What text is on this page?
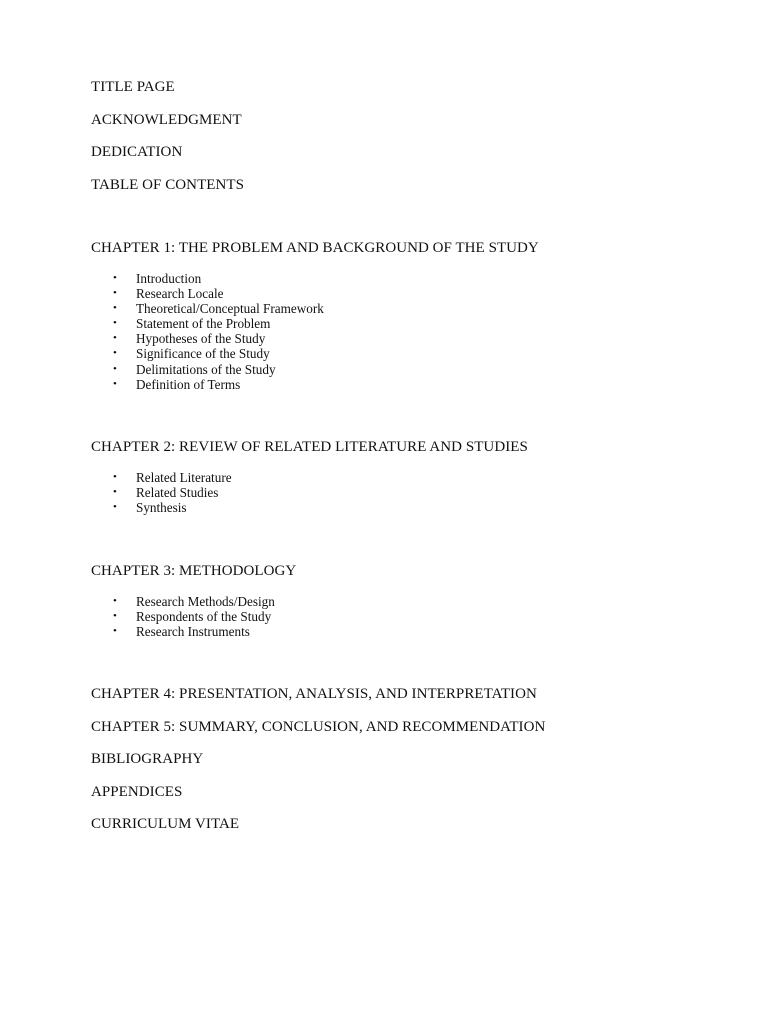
TITLE PAGE
ACKNOWLEDGMENT
DEDICATION
TABLE OF CONTENTS
CHAPTER 1: THE PROBLEM AND BACKGROUND OF THE STUDY
• Introduction
• Research Locale
• Theoretical/Conceptual Framework
• Statement of the Problem
• Hypotheses of the Study
• Significance of the Study
• Delimitations of the Study
• Definition of Terms
CHAPTER 2: REVIEW OF RELATED LITERATURE AND STUDIES
• Related Literature
• Related Studies
• Synthesis
CHAPTER 3: METHODOLOGY
• Research Methods/Design
• Respondents of the Study
• Research Instruments
CHAPTER 4: PRESENTATION, ANALYSIS, AND INTERPRETATION
CHAPTER 5: SUMMARY, CONCLUSION, AND RECOMMENDATION
BIBLIOGRAPHY
APPENDICES
CURRICULUM VITAE
